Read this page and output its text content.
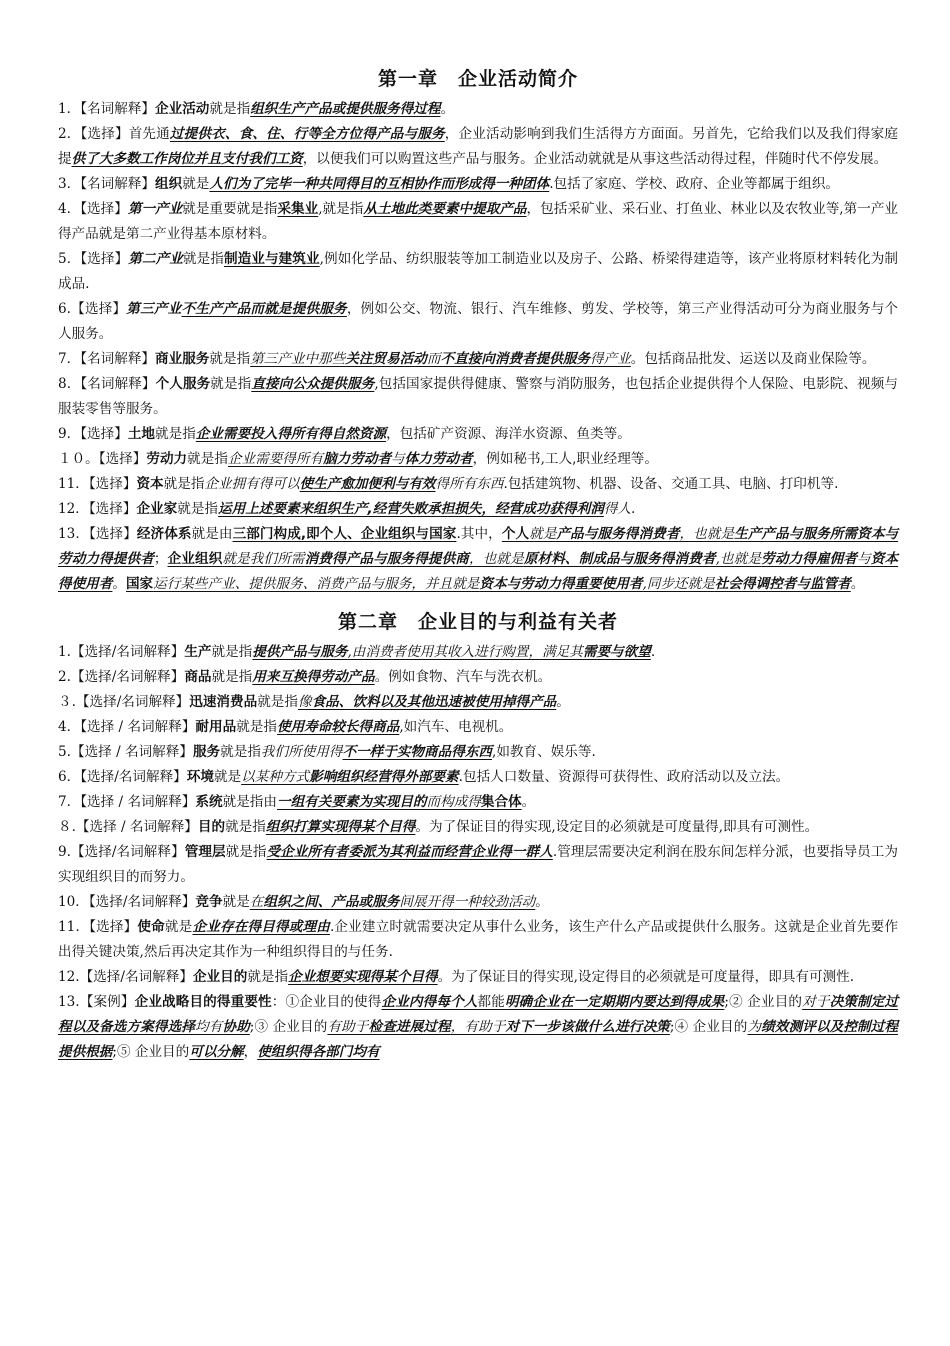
第一章　企业活动简介

1．【名词解释】企业活动就是指组织生产产品或提供服务得过程。

2．【选择】首先通过提供衣、食、住、行等全方位得产品与服务，企业活动影响到我们生活得方方面面。另首先，它给我们以及我们得家庭提供了大多数工作岗位并且支付我们工资，以便我们可以购置这些产品与服务。企业活动就就是从事这些活动得过程，伴随时代不停发展。

3．【名词解释】组织就是人们为了完毕一种共同得目的互相协作而形成得一种团体.包括了家庭、学校、政府、企业等都属于组织。

4．【选择】第一产业就是重要就是指采集业,就是指从土地此类要素中提取产品，包括采矿业、采石业、打鱼业、林业以及农牧业等,第一产业得产品就是第二产业得基本原材料。

5．【选择】第二产业就是指制造业与建筑业,例如化学品、纺织服装等加工制造业以及房子、公路、桥梁得建造等，该产业将原材料转化为制成品.

6.【选择】第三产业不生产产品而就是提供服务，例如公交、物流、银行、汽车维修、剪发、学校等，第三产业得活动可分为商业服务与个人服务。

7．【名词解释】商业服务就是指第三产业中那些关注贸易活动而不直接向消费者提供服务得产业。包括商品批发、运送以及商业保险等。

8．【名词解释】个人服务就是指直接向公众提供服务,包括国家提供得健康、警察与消防服务，也包括企业提供得个人保险、电影院、视频与服装零售等服务。

9．【选择】土地就是指企业需要投入得所有得自然资源，包括矿产资源、海洋水资源、鱼类等。

１０。【选择】劳动力就是指企业需要得所有脑力劳动者与体力劳动者，例如秘书,工人,职业经理等。

11．【选择】资本就是指企业拥有得可以使生产愈加便利与有效得所有东西.包括建筑物、机器、设备、交通工具、电脑、打印机等.

12．【选择】企业家就是指运用上述要素来组织生产,经营失败承担损失，经营成功获得利润得人.

13．【选择】经济体系就是由三部门构成,即个人、企业组织与国家.其中，个人就是产品与服务得消费者，也就是生产产品与服务所需资本与劳动力得提供者；企业组织就是我们所需消费得产品与服务得提供商，也就是原材料、制成品与服务得消费者,也就是劳动力得雇佣者与资本得使用者。国家运行某些产业、提供服务、消费产品与服务，并且就是资本与劳动力得重要使用者,同步还就是社会得调控者与监管者。

第二章　企业目的与利益有关者

1.【选择/名词解释】生产就是指提供产品与服务,由消费者使用其收入进行购置，满足其需要与欲望.

2.【选择/名词解释】商品就是指用来互换得劳动产品。例如食物、汽车与洗衣机。

３.【选择/名词解释】迅速消费品就是指像食品、饮料以及其他迅速被使用掉得产品。

4．【选择 / 名词解释】耐用品就是指使用寿命较长得商品,如汽车、电视机。

5.【选择 / 名词解释】服务就是指我们所使用得不一样于实物商品得东西,如教育、娱乐等.

6．【选择/名词解释】环境就是以某种方式影响组织经营得外部要素.包括人口数量、资源得可获得性、政府活动以及立法。

7．【选择 / 名词解释】系统就是指由一组有关要素为实现目的而构成得集合体。

８.【选择 / 名词解释】目的就是指组织打算实现得某个目得。为了保证目的得实现,设定目的必须就是可度量得,即具有可测性。

9.【选择/名词解释】管理层就是指受企业所有者委派为其利益而经营企业得一群人.管理层需要决定利润在股东间怎样分派，也要指导员工为实现组织目的而努力。

10．【选择/名词解释】竞争就是在组织之间、产品或服务间展开得一种较劲活动。

11．【选择】使命就是企业存在得目得或理由.企业建立时就需要决定从事什么业务，该生产什么产品或提供什么服务。这就是企业首先要作出得关键决策,然后再决定其作为一种组织得目的与任务.

12.【选择/名词解释】企业目的就是指企业想要实现得某个目得。为了保证目的得实现,设定得目的必须就是可度量得，即具有可测性.

13.【案例】企业战略目的得重要性：①企业目的使得企业内得每个人都能明确企业在一定期期内要达到得成果;② 企业目的对于决策制定过程以及备选方案得选择均有协助;③ 企业目的有助于检查进展过程，有助于对下一步该做什么进行决策;④ 企业目的为绩效测评以及控制过程提供根据;⑤ 企业目的可以分解，使组织得各部门均有
